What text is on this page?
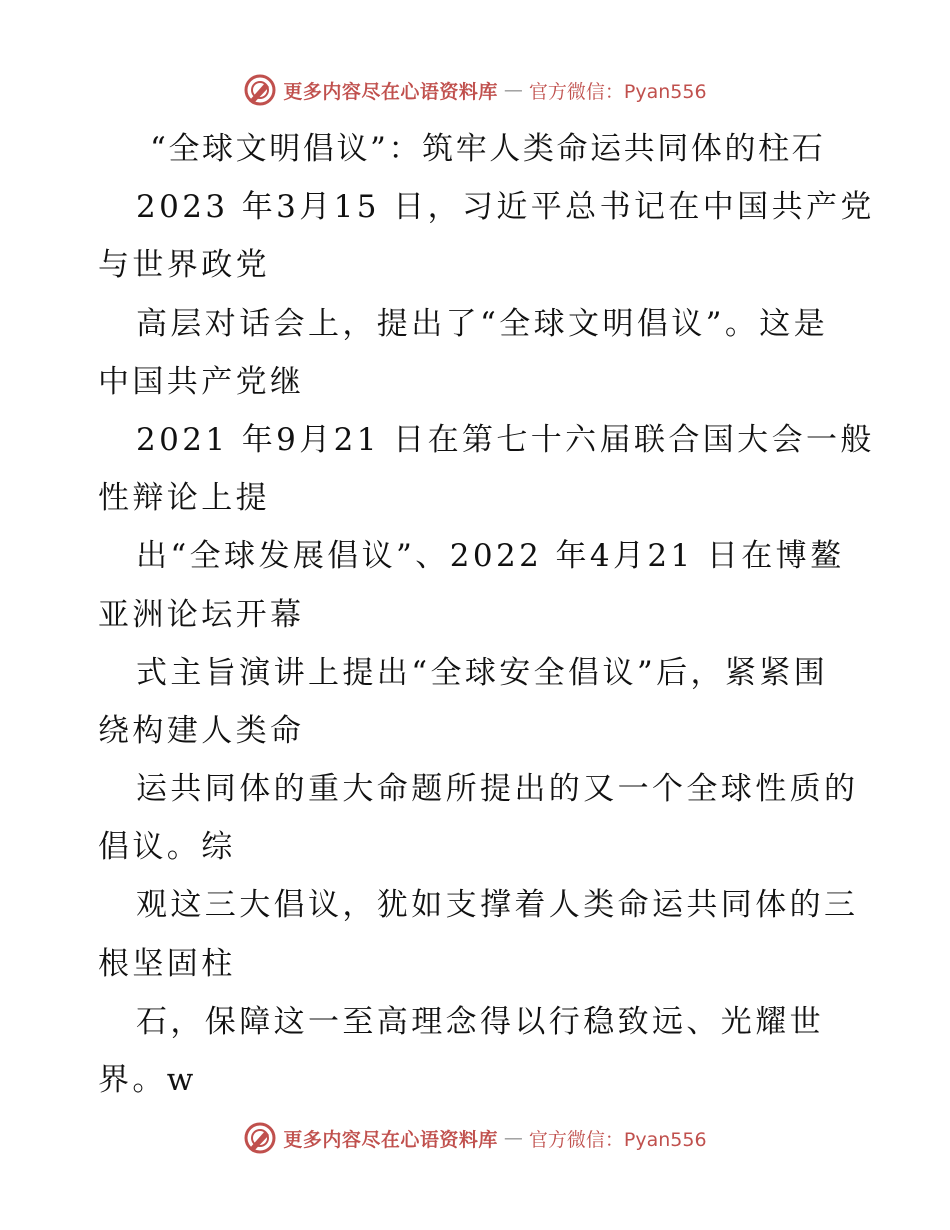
更多内容尽在心语资料库 — 官方微信：Pyan556
“全球文明倡议”：筑牢人类命运共同体的柱石
2023 年3月15 日，习近平总书记在中国共产党
与世界政党
高层对话会上，提出了“全球文明倡议”。这是
中国共产党继
2021 年9月21 日在第七十六届联合国大会一般
性辩论上提
出“全球发展倡议”、2022 年4月21 日在博鳌
亚洲论坛开幕
式主旨演讲上提出“全球安全倡议”后，紧紧围
绕构建人类命
运共同体的重大命题所提出的又一个全球性质的
倡议。综
观这三大倡议，犹如支撑着人类命运共同体的三
根坚固柱
石，保障这一至高理念得以行稳致远、光耀世
界。w
更多内容尽在心语资料库 — 官方微信：Pyan556
